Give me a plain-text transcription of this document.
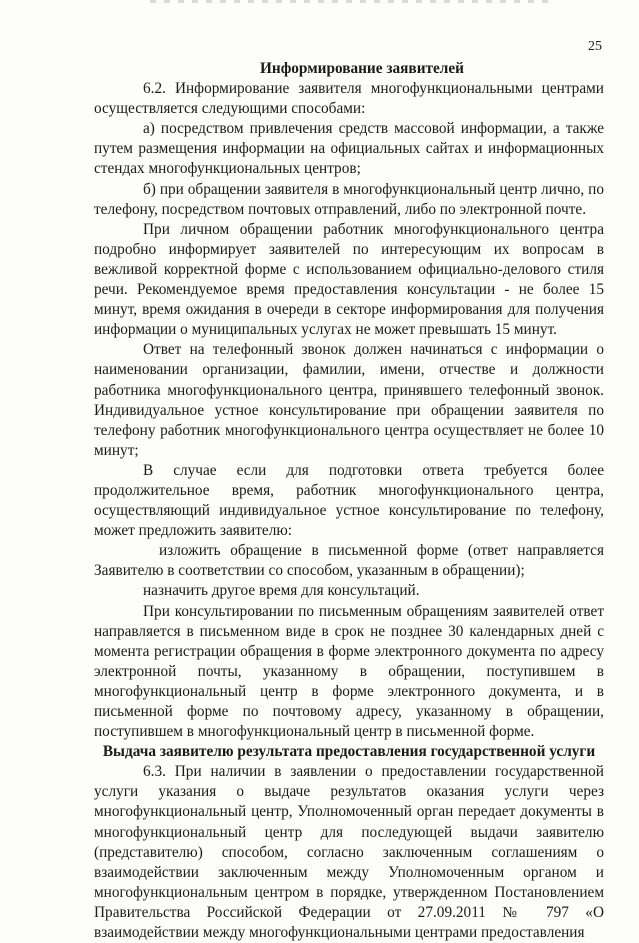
25

Информирование заявителей

6.2. Информирование заявителя многофункциональными центрами осуществляется следующими способами:

а) посредством привлечения средств массовой информации, а также путем размещения информации на официальных сайтах и информационных стендах многофункциональных центров;

б) при обращении заявителя в многофункциональный центр лично, по телефону, посредством почтовых отправлений, либо по электронной почте.

При личном обращении работник многофункционального центра подробно информирует заявителей по интересующим их вопросам в вежливой корректной форме с использованием официально-делового стиля речи. Рекомендуемое время предоставления консультации - не более 15 минут, время ожидания в очереди в секторе информирования для получения информации о муниципальных услугах не может превышать 15 минут.

Ответ на телефонный звонок должен начинаться с информации о наименовании организации, фамилии, имени, отчестве и должности работника многофункционального центра, принявшего телефонный звонок. Индивидуальное устное консультирование при обращении заявителя по телефону работник многофункционального центра осуществляет не более 10 минут;

В случае если для подготовки ответа требуется более продолжительное время, работник многофункционального центра, осуществляющий индивидуальное устное консультирование по телефону, может предложить заявителю:

изложить обращение в письменной форме (ответ направляется Заявителю в соответствии со способом, указанным в обращении);

назначить другое время для консультаций.

При консультировании по письменным обращениям заявителей ответ направляется в письменном виде в срок не позднее 30 календарных дней с момента регистрации обращения в форме электронного документа по адресу электронной почты, указанному в обращении, поступившем в многофункциональный центр в форме электронного документа, и в письменной форме по почтовому адресу, указанному в обращении, поступившем в многофункциональный центр в письменной форме.

Выдача заявителю результата предоставления государственной услуги

6.3. При наличии в заявлении о предоставлении государственной услуги указания о выдаче результатов оказания услуги через многофункциональный центр, Уполномоченный орган передает документы в многофункциональный центр для последующей выдачи заявителю (представителю) способом, согласно заключенным соглашениям о взаимодействии заключенным между Уполномоченным органом и многофункциональным центром в порядке, утвержденном Постановлением Правительства Российской Федерации от 27.09.2011 № 797 «О взаимодействии между многофункциональными центрами предоставления
